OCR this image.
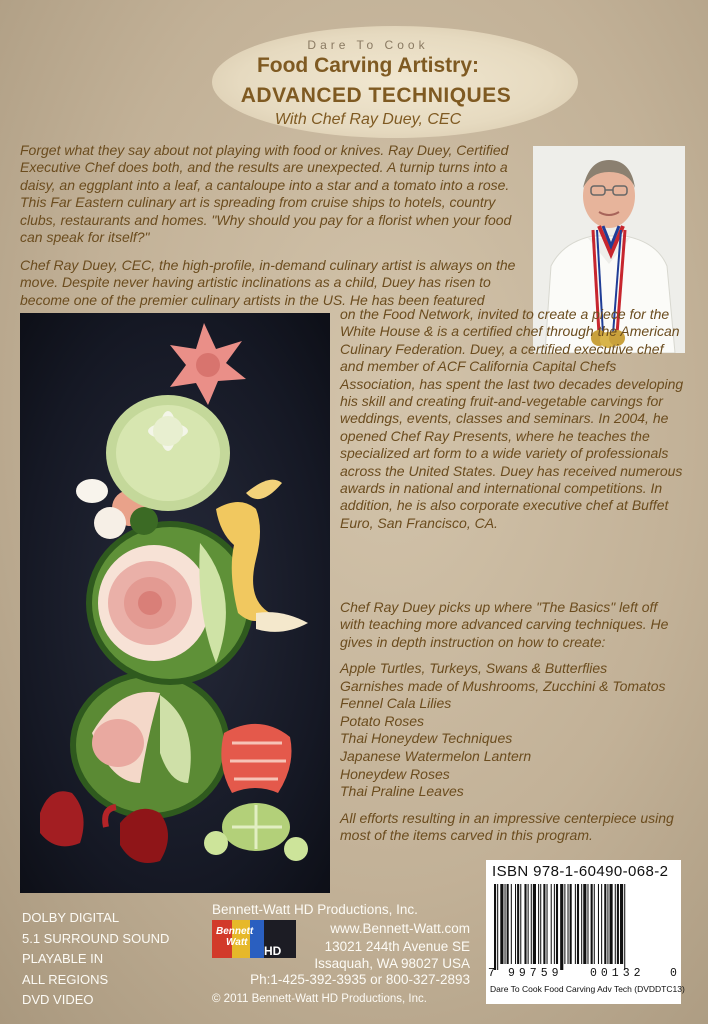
Dare To Cook
Food Carving Artistry:
ADVANCED TECHNIQUES
With Chef Ray Duey, CEC
Forget what they say about not playing with food or knives. Ray Duey, Certified Executive Chef does both, and the results are unexpected. A turnip turns into a daisy, an eggplant into a leaf, a cantaloupe into a star and a tomato into a rose. This Far Eastern culinary art is spreading from cruise ships to hotels, country clubs, restaurants and homes. "Why should you pay for a florist when your food can speak for itself?"
Chef Ray Duey, CEC, the high-profile, in-demand culinary artist is always on the move. Despite never having artistic inclinations as a child, Duey has risen to become one of the premier culinary artists in the US. He has been featured
on the Food Network, invited to create a piece for the White House & is a certified chef through the American Culinary Federation. Duey, a certified executive chef and member of ACF California Capital Chefs Association, has spent the last two decades developing his skill and creating fruit-and-vegetable carvings for weddings, events, classes and seminars. In 2004, he opened Chef Ray Presents, where he teaches the specialized art form to a wide variety of professionals across the United States. Duey has received numerous awards in national and international competitions. In addition, he is also corporate executive chef at Buffet Euro, San Francisco, CA.
Chef Ray Duey picks up where "The Basics" left off with teaching more advanced carving techniques. He gives in depth instruction on how to create:
Apple Turtles, Turkeys, Swans & Butterflies
Garnishes made of Mushrooms, Zucchini & Tomatos
Fennel Cala Lilies
Potato Roses
Thai Honeydew Techniques
Japanese Watermelon Lantern
Honeydew Roses
Thai Praline Leaves
All efforts resulting in an impressive centerpiece using most of the items carved in this program.
DOLBY DIGITAL
5.1 SURROUND SOUND
PLAYABLE IN
ALL REGIONS
DVD VIDEO
Bennett-Watt HD Productions, Inc.
Bennett
Watt
HD
www.Bennett-Watt.com
13021 244th Avenue SE
Issaquah, WA 98027 USA
Ph:1-425-392-3935 or 800-327-2893
© 2011 Bennett-Watt HD Productions, Inc.
ISBN 978-1-60490-068-2
7 99759 00132 0
Dare To Cook Food Carving Adv Tech (DVDDTC13)
